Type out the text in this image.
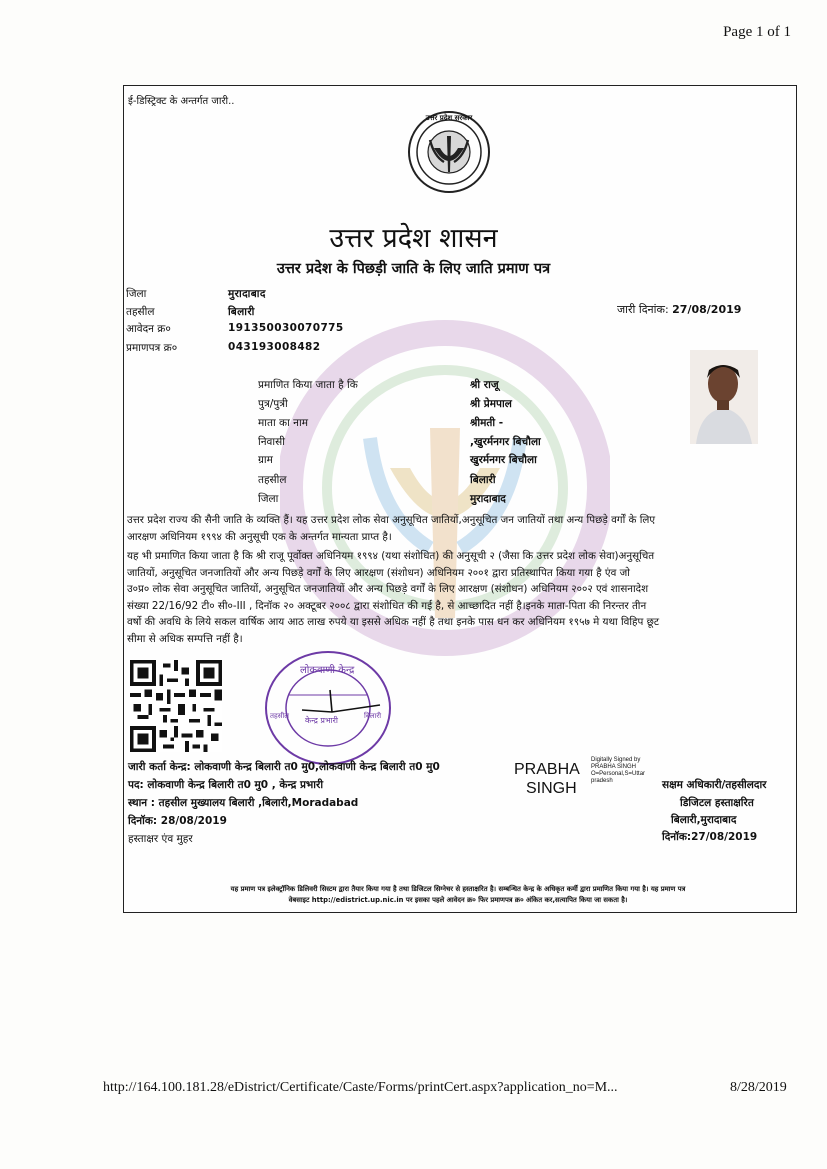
Page 1 of 1
ई-डिस्ट्रिक्ट के अन्तर्गत जारी..
उत्तर प्रदेश सरकार
उत्तर प्रदेश शासन
उत्तर प्रदेश के पिछड़ी जाति के लिए जाति प्रमाण पत्र
जिला	मुरादाबाद
तहसील	बिलारी
आवेदन क्र०	191350030070775
प्रमाणपत्र क्र०	043193008482
जारी दिनांक: 27/08/2019
प्रमाणित किया जाता है कि	श्री राजू
पुत्र/पुत्री	श्री प्रेमपाल
माता का नाम	श्रीमती -
निवासी	,खुरर्मनगर बिचौला
ग्राम	खुरर्मनगर बिचौला
तहसील	बिलारी
जिला	मुरादाबाद
उत्तर प्रदेश राज्य की सैनी जाति के व्यक्ति हैं। यह उत्तर प्रदेश लोक सेवा अनुसूचित जातियों,अनुसूचित जन जातियों तथा अन्य पिछड़े वर्गों के लिए
आरक्षण अधिनियम १९९४ की अनुसूची एक के अन्तर्गत मान्यता प्राप्त है।
यह भी प्रमाणित किया जाता है कि श्री राजू पूर्वोक्त अधिनियम १९९४ (यथा संशोधित) की अनुसूची २ (जैसा कि उत्तर प्रदेश लोक सेवा)अनुसूचित
जातियों, अनुसूचित जनजातियों और अन्य पिछड़े वर्गों के लिए आरक्षण (संशोधन) अधिनियम २००१ द्वारा प्रतिस्थापित किया गया है एंव जो
उ०प्र० लोक सेवा अनुसूचित जातियों, अनुसूचित जनजातियों और अन्य पिछड़े वर्गों के लिए आरक्षण (संशोधन) अधिनियम २००२ एवं शासनादेश
संख्या 22/16/92 टी० सी०-III , दिनॉक २० अक्टूबर २००८ द्वारा संशोधित की गई है, से आच्छादित नहीं है।इनके माता-पिता की निरन्तर तीन
वर्षो की अवधि के लिये सकल वार्षिक आय आठ लाख रुपये या इससे अधिक नहीं है तथा इनके पास धन कर अधिनियम १९५७ मे यथा विहिप छूट
सीमा से अधिक सम्पत्ति नहीं है।
लोकवाणी केन्द्र
केन्द्र प्रभारी
तहसील	बिलारी
जारी कर्ता केन्द्र: लोकवाणी केन्द्र बिलारी त0 मु0,लोकवाणी केन्द्र बिलारी त0 मु0
पद: लोकवाणी केन्द्र बिलारी त0 मु0 , केन्द्र प्रभारी
स्थान : तहसील मुख्यालय बिलारी ,बिलारी,Moradabad
दिनॉक: 28/08/2019
हस्ताक्षर एंव मुहर
PRABHA
SINGH
Digitally Signed by
PRABHA SINGH
O=Personal,S=Uttar
pradesh	सक्षम अधिकारी/तहसीलदार
डिजिटल हस्ताक्षरित
बिलारी,मुरादाबाद
दिनॉक:27/08/2019
यह प्रमाण पत्र इलेक्ट्रॉनिक डिलिवरी सिस्टम द्वारा तैयार किया गया है तथा डिजिटल सिग्नेचर से हस्ताक्षरित है। सम्बन्धित केन्द्र के अधिकृत कर्मी द्वारा प्रमाणित किया गया है। यह प्रमाण पत्र
वेबसाइट http://edistrict.up.nic.in पर इसका पहले आवेदन क्र० फिर प्रमाणपत्र क्र० अंकित कर,सत्यापित किया जा सकता है।
http://164.100.181.28/eDistrict/Certificate/Caste/Forms/printCert.aspx?application_no=M...	8/28/2019
